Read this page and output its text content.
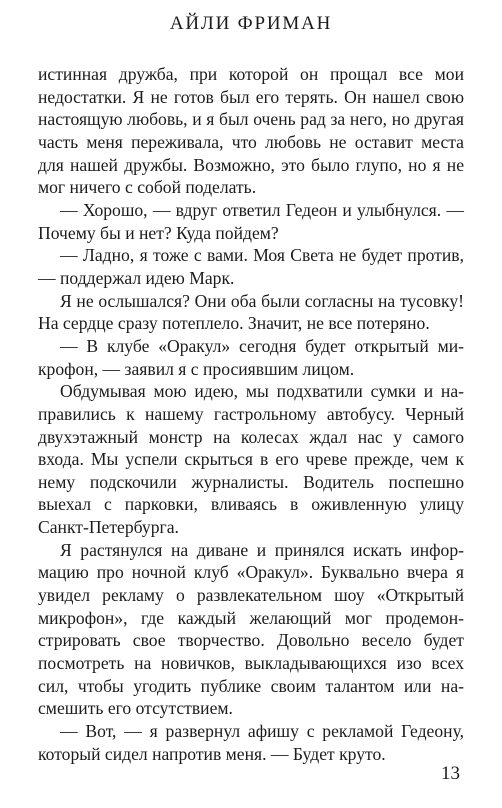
АЙЛИ ФРИМАН

истинная дружба, при которой он прощал все мои недостатки. Я не готов был его терять. Он нашел свою настоящую любовь, и я был очень рад за него, но другая часть меня переживала, что любовь не оставит места для нашей дружбы. Возможно, это было глупо, но я не мог ничего с собой поделать.

— Хорошо, — вдруг ответил Гедеон и улыбнулся. — Почему бы и нет? Куда пойдем?

— Ладно, я тоже с вами. Моя Света не будет против, — поддержал идею Марк.

Я не ослышался? Они оба были согласны на тусовку! На сердце сразу потеплело. Значит, не все потеряно.

— В клубе «Оракул» сегодня будет открытый микрофон, — заявил я с просиявшим лицом.

Обдумывая мою идею, мы подхватили сумки и направились к нашему гастрольному автобусу. Черный двухэтажный монстр на колесах ждал нас у самого входа. Мы успели скрыться в его чреве прежде, чем к нему подскочили журналисты. Водитель поспешно выехал с парковки, вливаясь в оживленную улицу Санкт-Петербурга.

Я растянулся на диване и принялся искать информацию про ночной клуб «Оракул». Буквально вчера я увидел рекламу о развлекательном шоу «Открытый микрофон», где каждый желающий мог продемонстрировать свое творчество. Довольно весело будет посмотреть на новичков, выкладывающихся изо всех сил, чтобы угодить публике своим талантом или насмешить его отсутствием.

— Вот, — я развернул афишу с рекламой Гедеону, который сидел напротив меня. — Будет круто.

13
